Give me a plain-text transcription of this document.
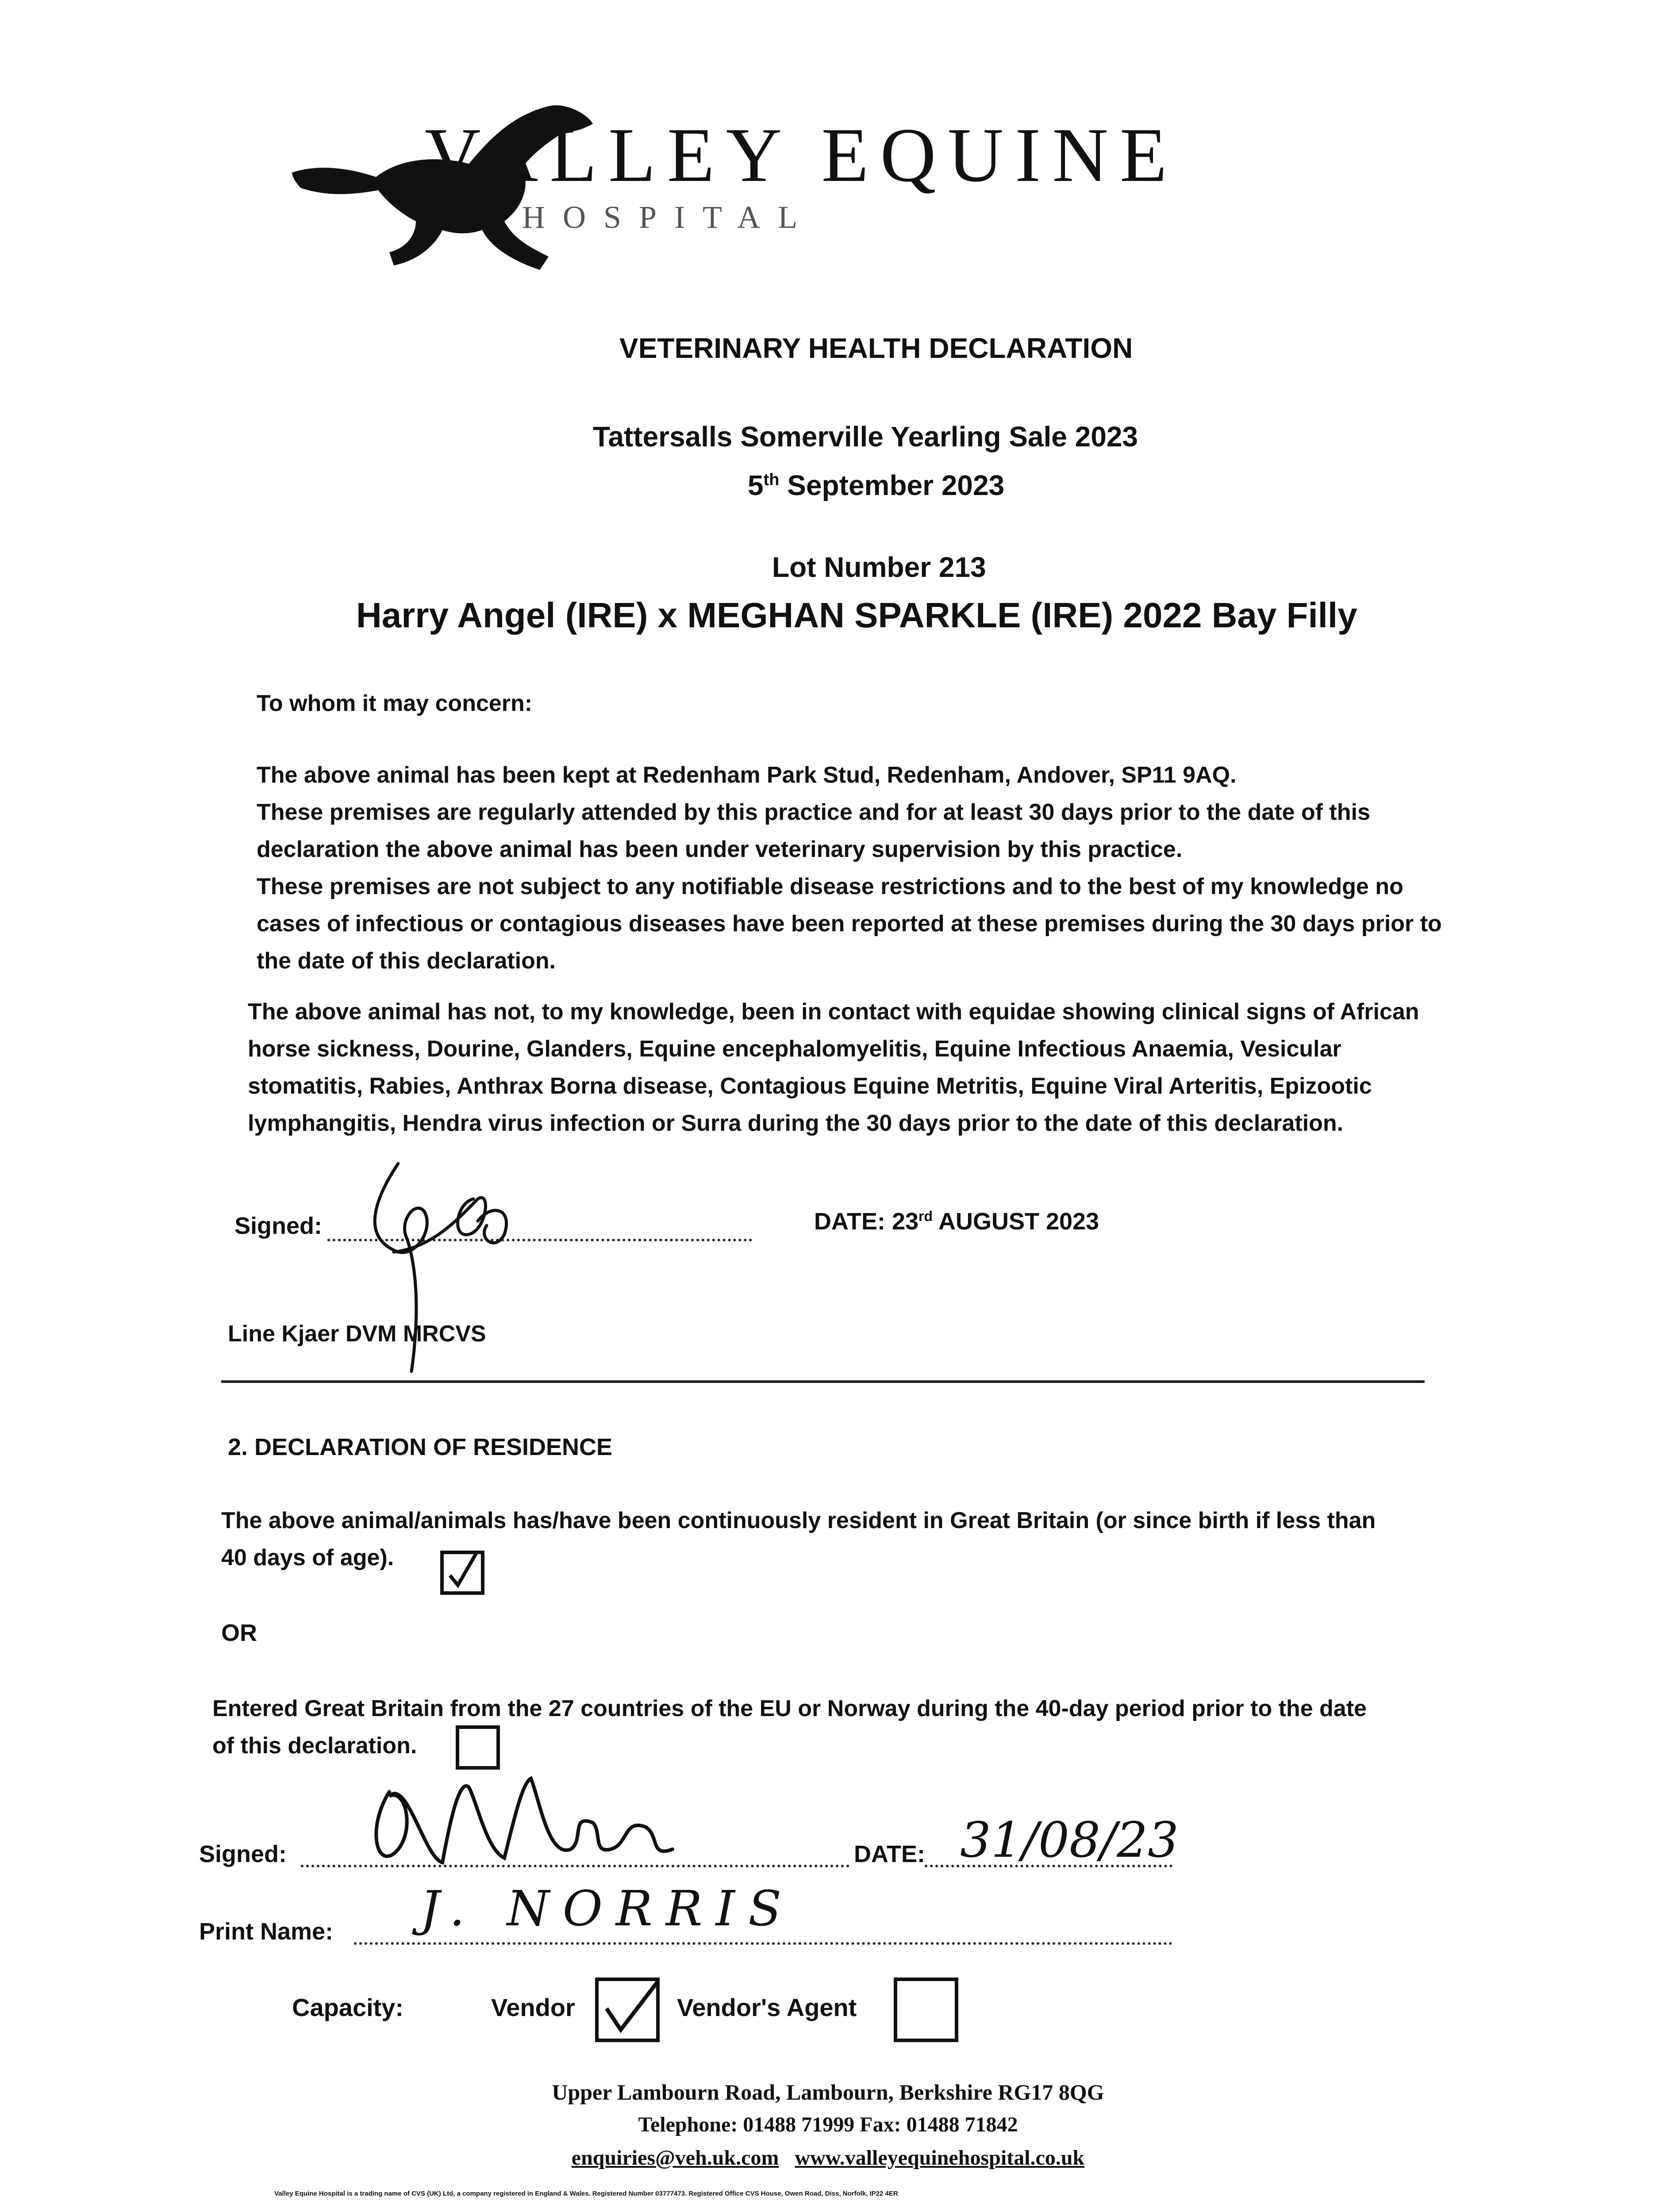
VALLEY EQUINE
HOSPITAL
VETERINARY HEALTH DECLARATION
Tattersalls Somerville Yearling Sale 2023
5th September 2023
Lot Number 213
Harry Angel (IRE) x MEGHAN SPARKLE (IRE) 2022 Bay Filly
To whom it may concern:
The above animal has been kept at Redenham Park Stud, Redenham, Andover, SP11 9AQ.
These premises are regularly attended by this practice and for at least 30 days prior to the date of this
declaration the above animal has been under veterinary supervision by this practice.
These premises are not subject to any notifiable disease restrictions and to the best of my knowledge no
cases of infectious or contagious diseases have been reported at these premises during the 30 days prior to
the date of this declaration.
The above animal has not, to my knowledge, been in contact with equidae showing clinical signs of African
horse sickness, Dourine, Glanders, Equine encephalomyelitis, Equine Infectious Anaemia, Vesicular
stomatitis, Rabies, Anthrax Borna disease, Contagious Equine Metritis, Equine Viral Arteritis, Epizootic
lymphangitis, Hendra virus infection or Surra during the 30 days prior to the date of this declaration.
Signed:	DATE: 23rd AUGUST 2023
Line Kjaer DVM MRCVS
2. DECLARATION OF RESIDENCE
The above animal/animals has/have been continuously resident in Great Britain (or since birth if less than
40 days of age).
OR
Entered Great Britain from the 27 countries of the EU or Norway during the 40-day period prior to the date
of this declaration.
Signed:	DATE: 31/08/23
Print Name: J. NORRIS
Capacity:	Vendor	Vendor's Agent
Upper Lambourn Road, Lambourn, Berkshire RG17 8QG
Telephone: 01488 71999 Fax: 01488 71842
enquiries@veh.uk.com www.valleyequinehospital.co.uk
Valley Equine Hospital is a trading name of CVS (UK) Ltd, a company registered in England & Wales. Registered Number 03777473. Registered Office CVS House, Owen Road, Diss, Norfolk, IP22 4ER
